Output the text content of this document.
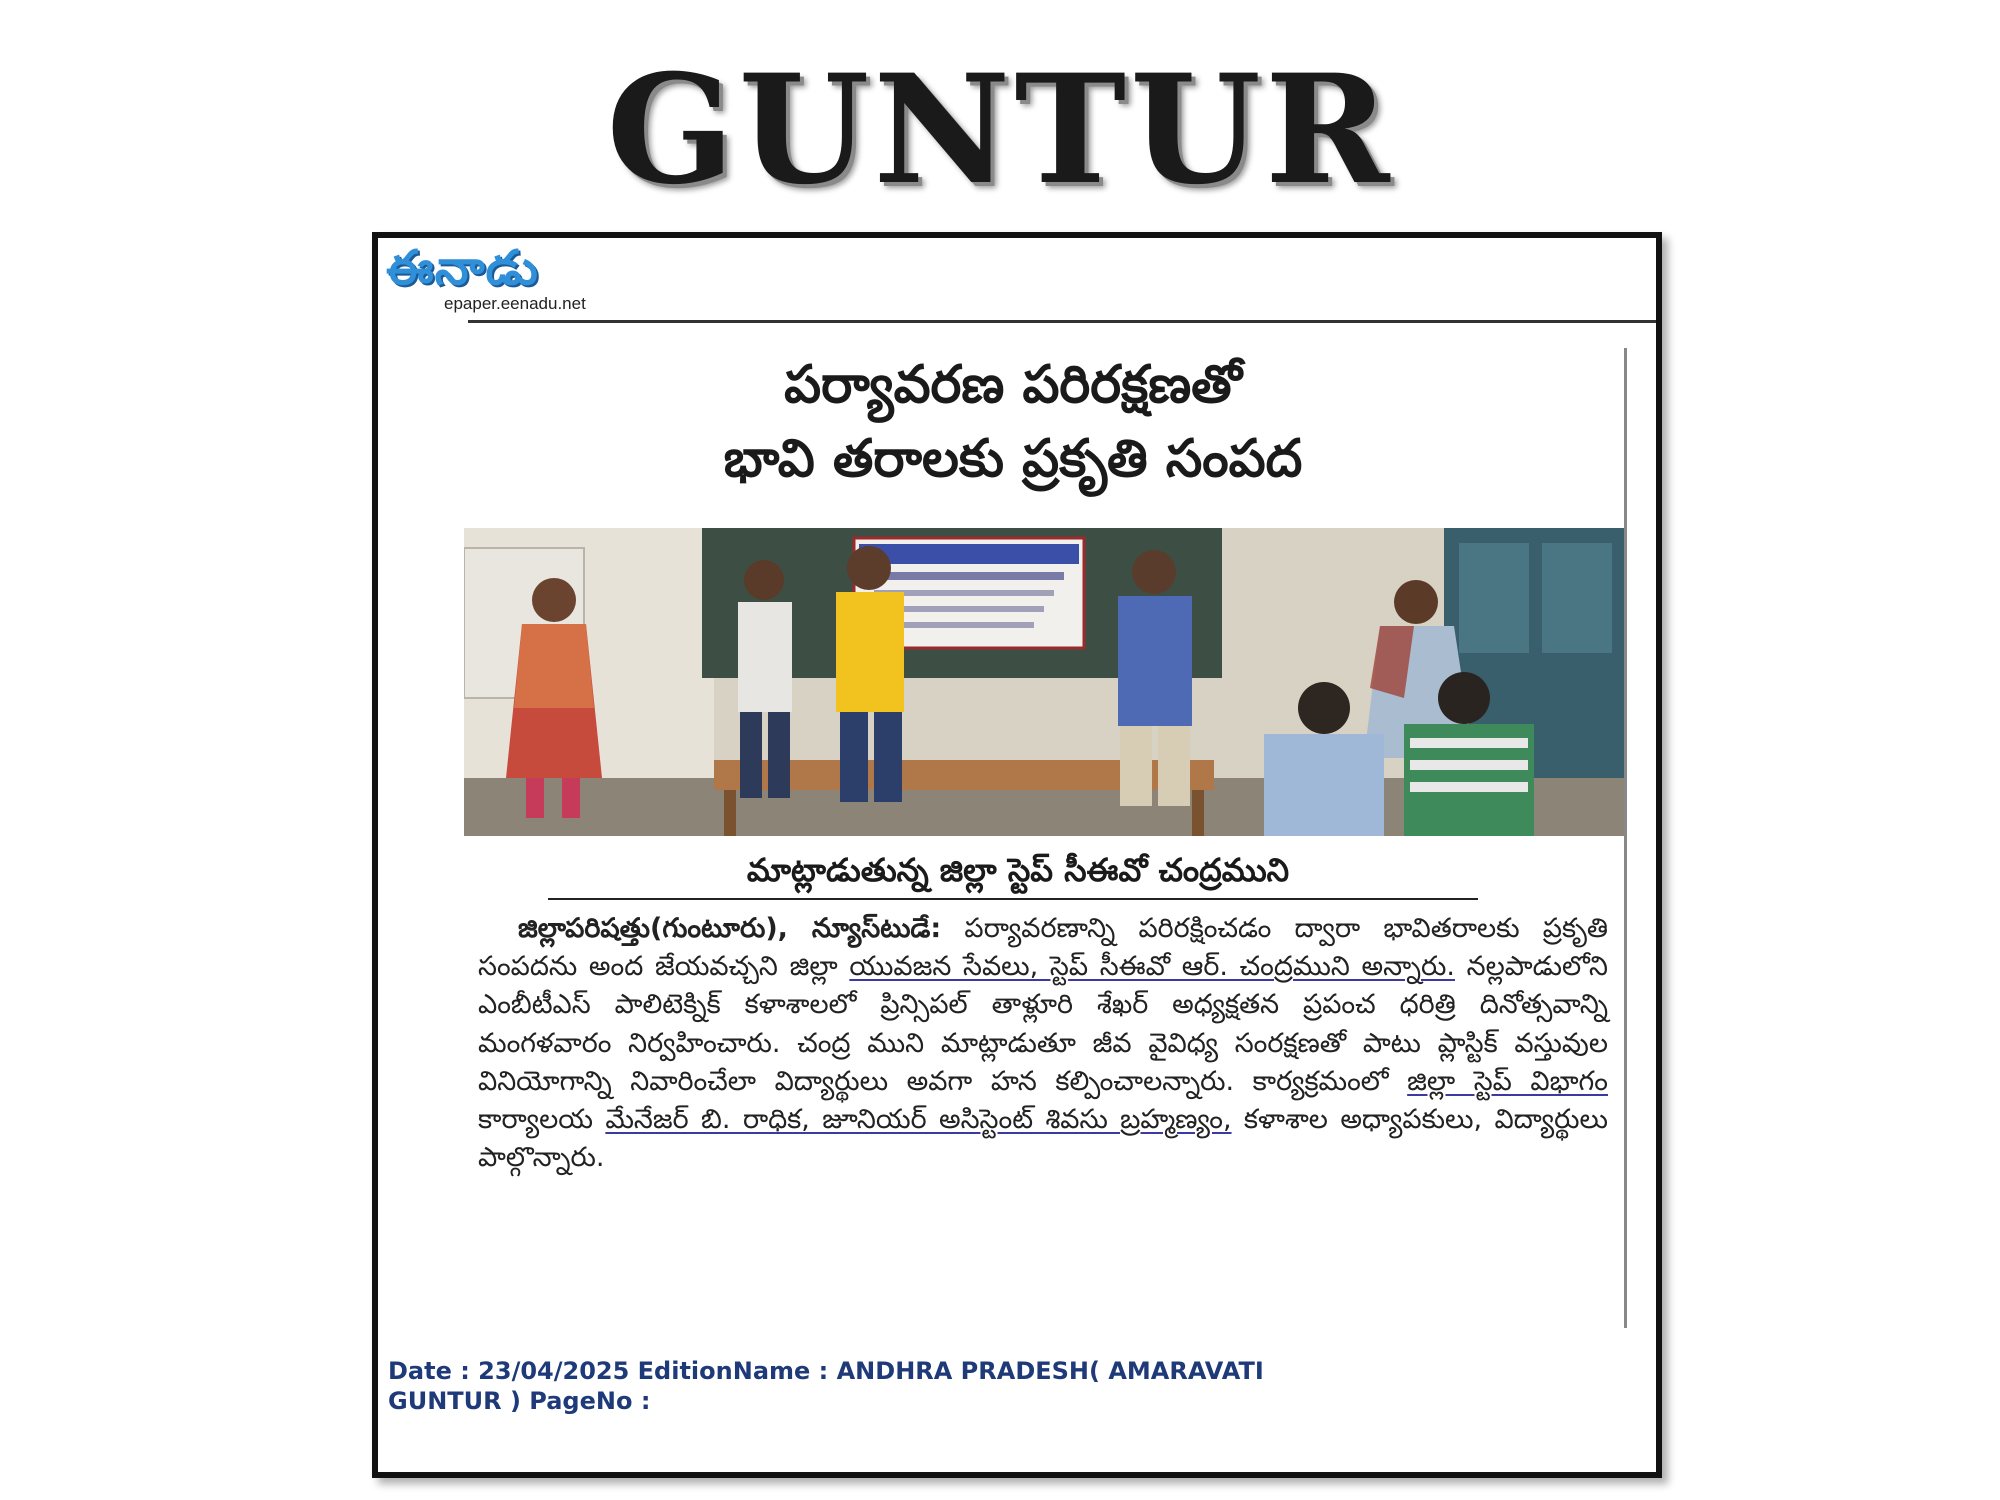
GUNTUR
ఈనాడు
epaper.eenadu.net
పర్యావరణ పరిరక్షణతో
భావి తరాలకు ప్రకృతి సంపద
మాట్లాడుతున్న జిల్లా స్టెప్ సీఈవో చంద్రముని
జిల్లాపరిషత్తు(గుంటూరు), న్యూస్‌టుడే: పర్యావరణాన్ని పరిరక్షించడం ద్వారా భావితరాలకు ప్రకృతి సంపదను అంద జేయవచ్చని జిల్లా యువజన సేవలు, స్టెప్ సీఈవో ఆర్. చంద్రముని అన్నారు. నల్లపాడులోని ఎంబీటీఎస్ పాలిటెక్నిక్ కళాశాలలో ప్రిన్సిపల్ తాళ్లూరి శేఖర్ అధ్యక్షతన ప్రపంచ ధరిత్రి దినోత్సవాన్ని మంగళవారం నిర్వహించారు. చంద్ర ముని మాట్లాడుతూ జీవ వైవిధ్య సంరక్షణతో పాటు ప్లాస్టిక్ వస్తువుల వినియోగాన్ని నివారించేలా విద్యార్థులు అవగా హన కల్పించాలన్నారు. కార్యక్రమంలో జిల్లా స్టెప్ విభాగం కార్యాలయ మేనేజర్ బి. రాధిక, జూనియర్ అసిస్టెంట్ శివసు బ్రహ్మణ్యం, కళాశాల అధ్యాపకులు, విద్యార్థులు పాల్గొన్నారు.
Date : 23/04/2025 EditionName : ANDHRA PRADESH( AMARAVATI
GUNTUR ) PageNo :
